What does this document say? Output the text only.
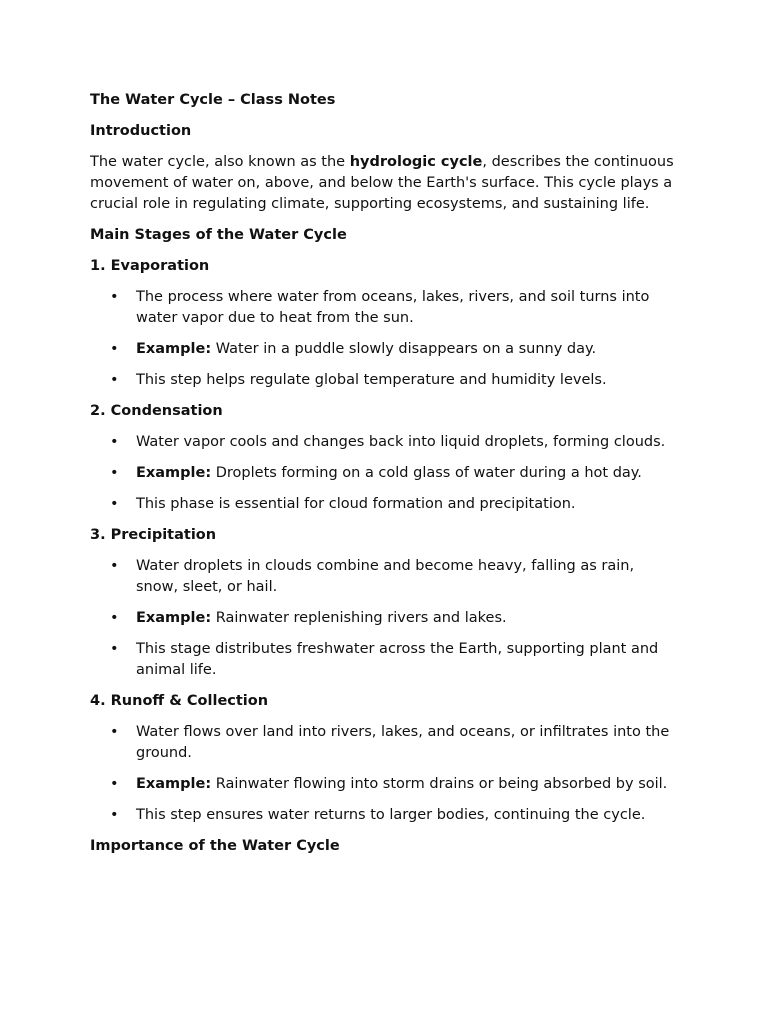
The Water Cycle – Class Notes
Introduction

The water cycle, also known as the hydrologic cycle, describes the continuous movement of water on, above, and below the Earth's surface. This cycle plays a crucial role in regulating climate, supporting ecosystems, and sustaining life.

Main Stages of the Water Cycle
1. Evaporation
• The process where water from oceans, lakes, rivers, and soil turns into water vapor due to heat from the sun.
• Example: Water in a puddle slowly disappears on a sunny day.
• This step helps regulate global temperature and humidity levels.
2. Condensation
• Water vapor cools and changes back into liquid droplets, forming clouds.
• Example: Droplets forming on a cold glass of water during a hot day.
• This phase is essential for cloud formation and precipitation.
3. Precipitation
• Water droplets in clouds combine and become heavy, falling as rain, snow, sleet, or hail.
• Example: Rainwater replenishing rivers and lakes.
• This stage distributes freshwater across the Earth, supporting plant and animal life.
4. Runoff & Collection
• Water flows over land into rivers, lakes, and oceans, or infiltrates into the ground.
• Example: Rainwater flowing into storm drains or being absorbed by soil.
• This step ensures water returns to larger bodies, continuing the cycle.
Importance of the Water Cycle
